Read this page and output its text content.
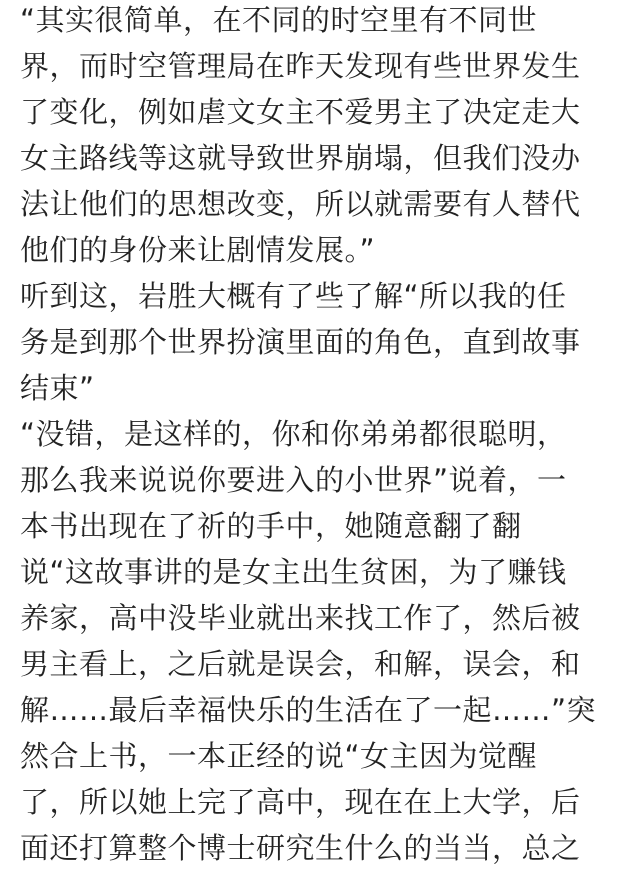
“其实很简单，在不同的时空里有不同世

界，而时空管理局在昨天发现有些世界发生

了变化，例如虐文女主不爱男主了决定走大

女主路线等这就导致世界崩塌，但我们没办

法让他们的思想改变，所以就需要有人替代

他们的身份来让剧情发展。”

听到这，岩胜大概有了些了解“所以我的任

务是到那个世界扮演里面的角色，直到故事

结束”

“没错，是这样的，你和你弟弟都很聪明，

那么我来说说你要进入的小世界”说着，一

本书出现在了祈的手中，她随意翻了翻

说“这故事讲的是女主出生贫困，为了赚钱

养家，高中没毕业就出来找工作了，然后被

男主看上，之后就是误会，和解，误会，和

解……最后幸福快乐的生活在了一起……”突

然合上书，一本正经的说“女主因为觉醒

了，所以她上完了高中，现在在上大学，后

面还打算整个博士研究生什么的当当，总之
